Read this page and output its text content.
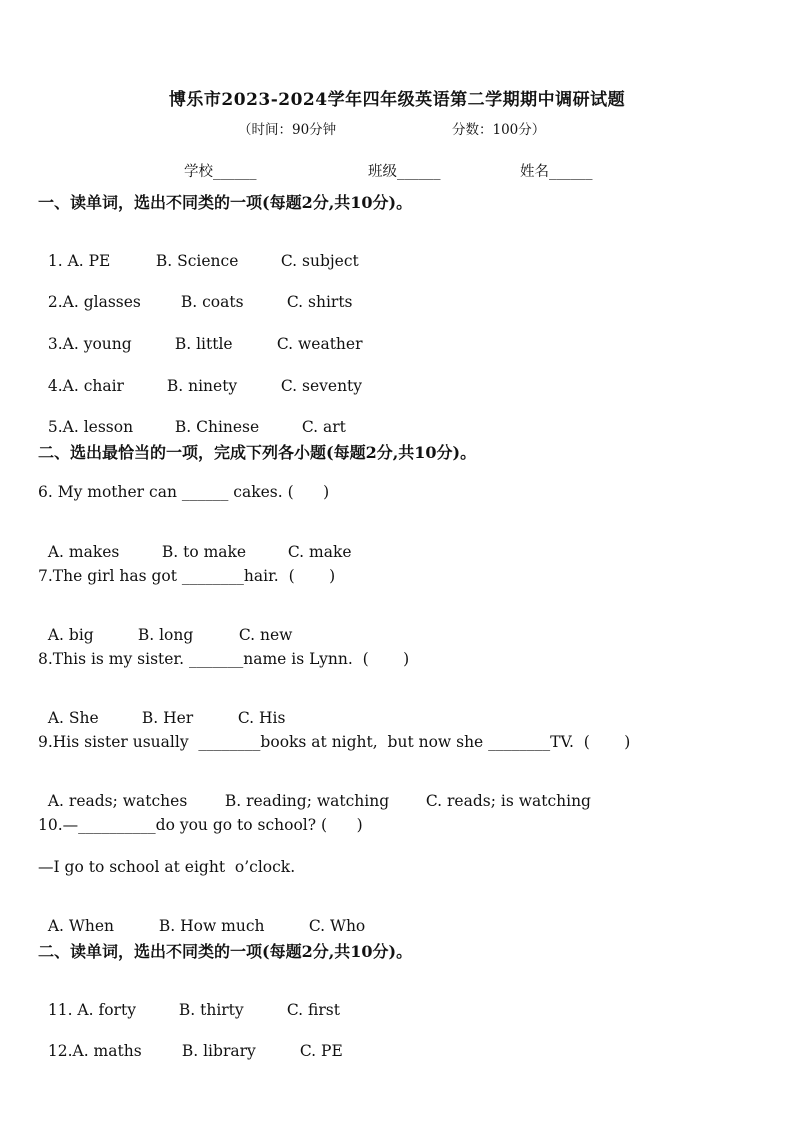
博乐市2023-2024学年四年级英语第二学期期中调研试题
（时间：90分钟	分数：100分）
学校______	班级______	姓名______
一、读单词，选出不同类的一项(每题2分,共10分)。

1. A. PE	B. Science	C. subject

2.A. glasses	B. coats	C. shirts

3.A. young	B. little	C. weather

4.A. chair	B. ninety	C. seventy

5.A. lesson	B. Chinese	C. art

二、选出最恰当的一项，完成下列各小题(每题2分,共10分)。
6. My mother can ______ cakes. (      )

A. makes	B. to make	C. make

7.The girl has got ________hair.  (       )

A. big	B. long	C. new

8.This is my sister. _______name is Lynn.  (       )

A. She	B. Her	C. His

9.His sister usually  ________books at night,  but now she ________TV.  (       )

A. reads; watches B. reading; watching C. reads; is watching

10.—__________do you go to school? (      )
—I go to school at eight  o’clock.

A. When	B. How much	C. Who

二、读单词，选出不同类的一项(每题2分,共10分)。

11. A. forty	B. thirty	C. first

12.A. maths	B. library	C. PE
